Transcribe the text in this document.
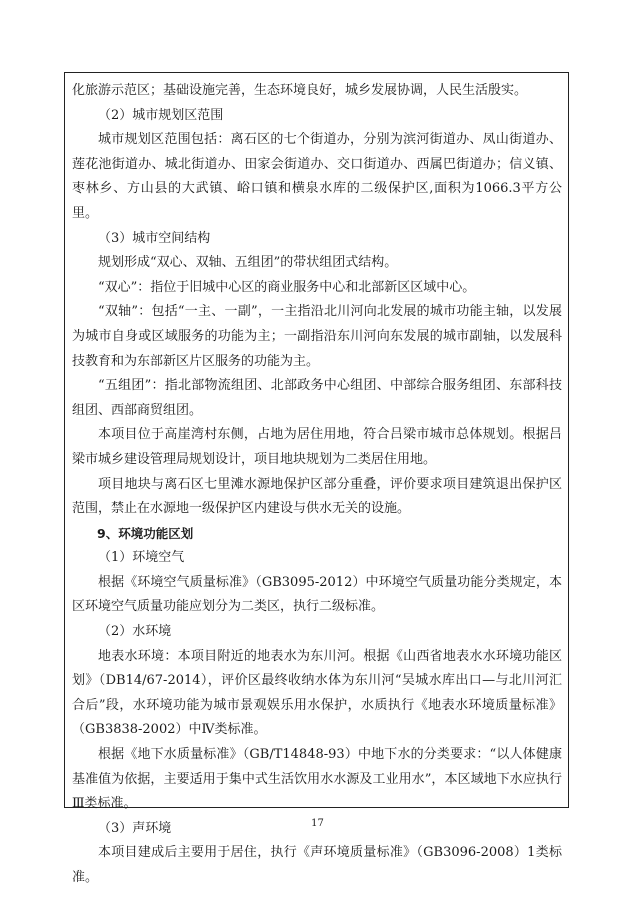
化旅游示范区；基础设施完善，生态环境良好，城乡发展协调，人民生活殷实。

（2）城市规划区范围

城市规划区范围包括：离石区的七个街道办，分别为滨河街道办、凤山街道办、莲花池街道办、城北街道办、田家会街道办、交口街道办、西属巴街道办；信义镇、枣林乡、方山县的大武镇、峪口镇和横泉水库的二级保护区,面积为1066.3平方公里。

（3）城市空间结构

规划形成“双心、双轴、五组团”的带状组团式结构。

“双心”：指位于旧城中心区的商业服务中心和北部新区区域中心。

“双轴”：包括“一主、一副”，一主指沿北川河向北发展的城市功能主轴，以发展为城市自身或区域服务的功能为主；一副指沿东川河向东发展的城市副轴，以发展科技教育和为东部新区片区服务的功能为主。

“五组团”：指北部物流组团、北部政务中心组团、中部综合服务组团、东部科技组团、西部商贸组团。

本项目位于高崖湾村东侧，占地为居住用地，符合吕梁市城市总体规划。根据吕梁市城乡建设管理局规划设计，项目地块规划为二类居住用地。

项目地块与离石区七里滩水源地保护区部分重叠，评价要求项目建筑退出保护区范围，禁止在水源地一级保护区内建设与供水无关的设施。

9、环境功能区划

（1）环境空气

根据《环境空气质量标准》（GB3095-2012）中环境空气质量功能分类规定，本区环境空气质量功能应划分为二类区，执行二级标准。

（2）水环境

地表水环境：本项目附近的地表水为东川河。根据《山西省地表水水环境功能区划》（DB14/67-2014），评价区最终收纳水体为东川河“吴城水库出口—与北川河汇合后”段，水环境功能为城市景观娱乐用水保护，水质执行《地表水环境质量标准》（GB3838-2002）中Ⅳ类标准。

根据《地下水质量标准》（GB/T14848-93）中地下水的分类要求：“以人体健康基准值为依据，主要适用于集中式生活饮用水水源及工业用水”，本区域地下水应执行Ⅲ类标准。

（3）声环境

本项目建成后主要用于居住，执行《声环境质量标准》（GB3096-2008）1类标准。

17
